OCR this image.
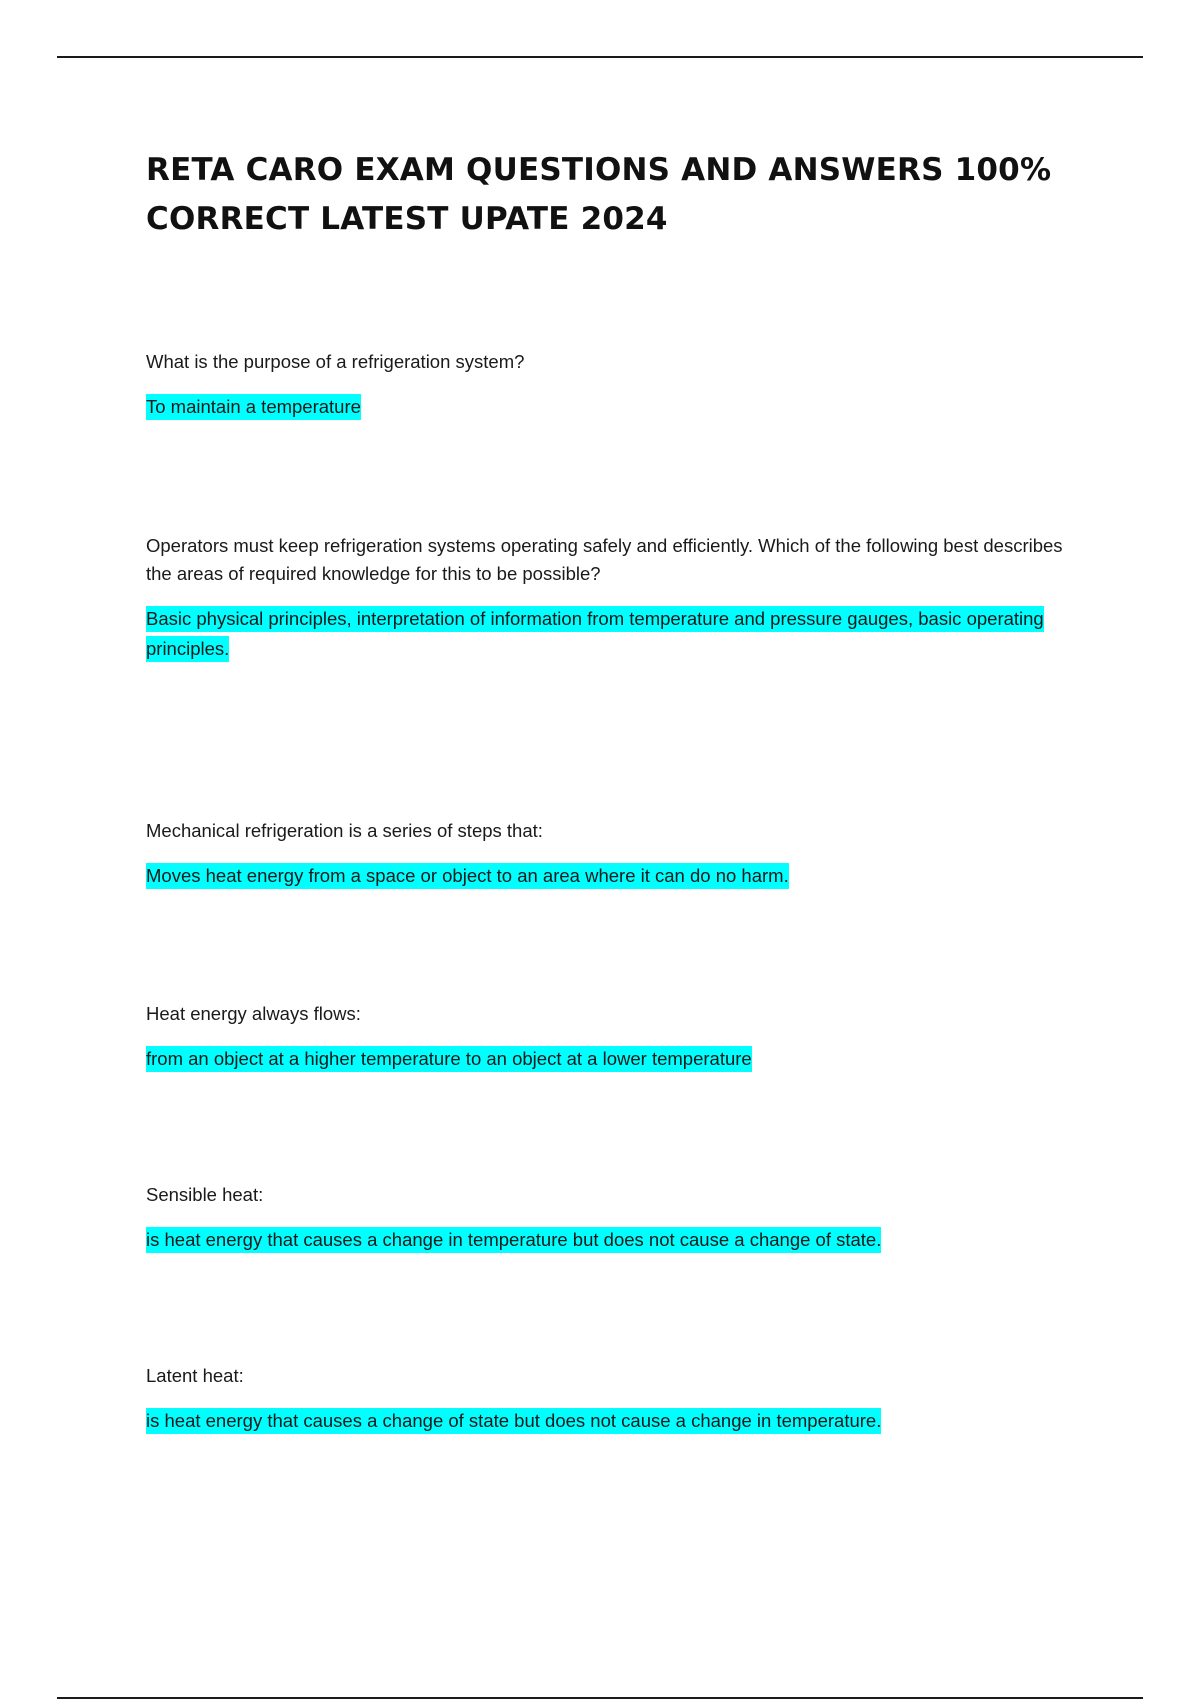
RETA CARO EXAM QUESTIONS AND ANSWERS 100% CORRECT LATEST UPATE 2024

What is the purpose of a refrigeration system?

To maintain a temperature

Operators must keep refrigeration systems operating safely and efficiently. Which of the following best describes the areas of required knowledge for this to be possible?

Basic physical principles, interpretation of information from temperature and pressure gauges, basic operating principles.

Mechanical refrigeration is a series of steps that:

Moves heat energy from a space or object to an area where it can do no harm.

Heat energy always flows:

from an object at a higher temperature to an object at a lower temperature

Sensible heat:

is heat energy that causes a change in temperature but does not cause a change of state.

Latent heat:

is heat energy that causes a change of state but does not cause a change in temperature.
